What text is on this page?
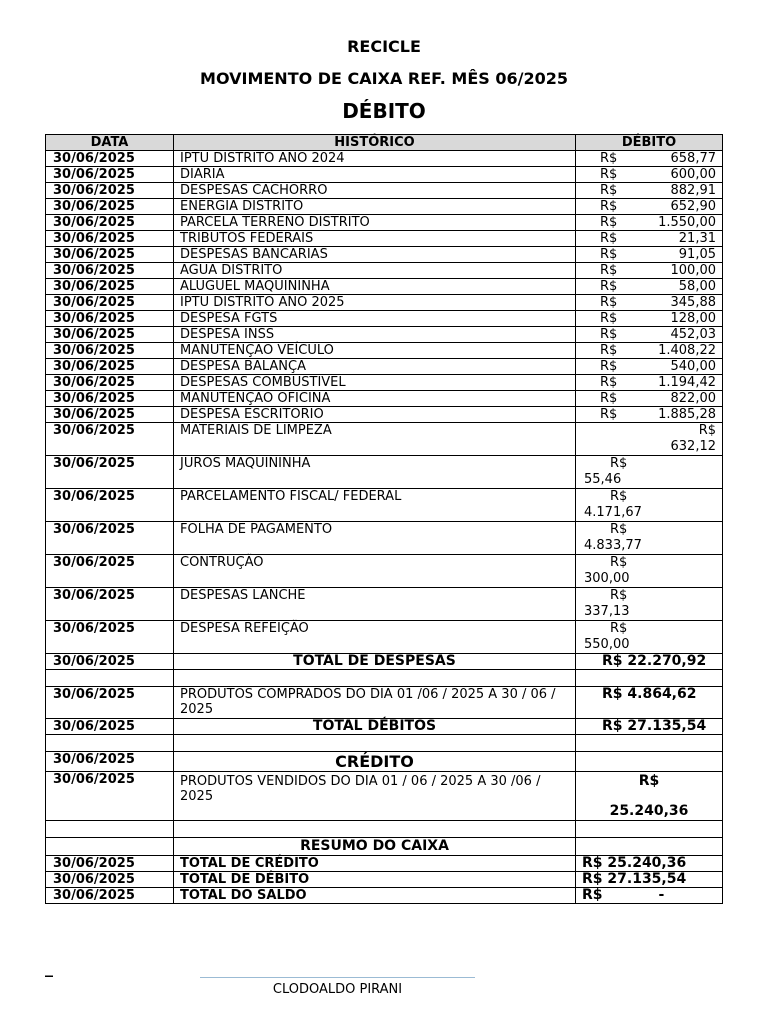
RECICLE
MOVIMENTO DE CAIXA REF. MÊS 06/2025
DÉBITO
DATA	HISTÓRICO	DÉBITO
30/06/2025	IPTU DISTRITO ANO 2024	R$ 658,77

30/06/2025	DIARIA	R$ 600,00

30/06/2025	DESPESAS CACHORRO	R$ 882,91

30/06/2025	ENERGIA DISTRITO	R$ 652,90

30/06/2025	PARCELA TERRENO DISTRITO	R$ 1.550,00

30/06/2025	TRIBUTOS FEDERAIS	R$ 21,31

30/06/2025	DESPESAS BANCARIAS	R$ 91,05

30/06/2025	AGUA DISTRITO	R$ 100,00

30/06/2025	ALUGUEL MAQUININHA	R$ 58,00

30/06/2025	IPTU DISTRITO ANO 2025	R$ 345,88

30/06/2025	DESPESA FGTS	R$ 128,00

30/06/2025	DESPESA INSS	R$ 452,03

30/06/2025	MANUTENÇAO VEÍCULO	R$ 1.408,22

30/06/2025	DESPESA BALANÇA	R$ 540,00

30/06/2025	DESPESAS COMBUSTIVEL	R$ 1.194,42

30/06/2025	MANUTENÇAO OFICINA	R$ 822,00

30/06/2025	DESPESA ESCRITORIO	R$ 1.885,28

30/06/2025	MATERIAIS DE LIMPEZA	R$
632,12

30/06/2025	JUROS MAQUININHA	R$
55,46

30/06/2025	PARCELAMENTO FISCAL/ FEDERAL	R$
4.171,67

30/06/2025	FOLHA DE PAGAMENTO	R$
4.833,77

30/06/2025	CONTRUÇÃO	R$
300,00

30/06/2025	DESPESAS LANCHE	R$
337,13

30/06/2025	DESPESA REFEIÇÃO	R$
550,00

30/06/2025	TOTAL DE DESPESAS	R$ 22.270,92

30/06/2025	PRODUTOS COMPRADOS DO DIA 01 /06 / 2025 A 30 / 06 / 2025	R$ 4.864,62
30/06/2025	TOTAL DÉBITOS	R$ 27.135,54

30/06/2025	CRÉDITO	
30/06/2025	PRODUTOS VENDIDOS DO DIA 01 / 06 / 2025 A 30 /06 / 2025	R$
25.240,36

	RESUMO DO CAIXA	
30/06/2025	TOTAL DE CRÉDITO	R$ 25.240,36
30/06/2025	TOTAL DE DÉBITO	R$ 27.135,54
30/06/2025	TOTAL DO SALDO	R$ -
_
CLODOALDO PIRANI
